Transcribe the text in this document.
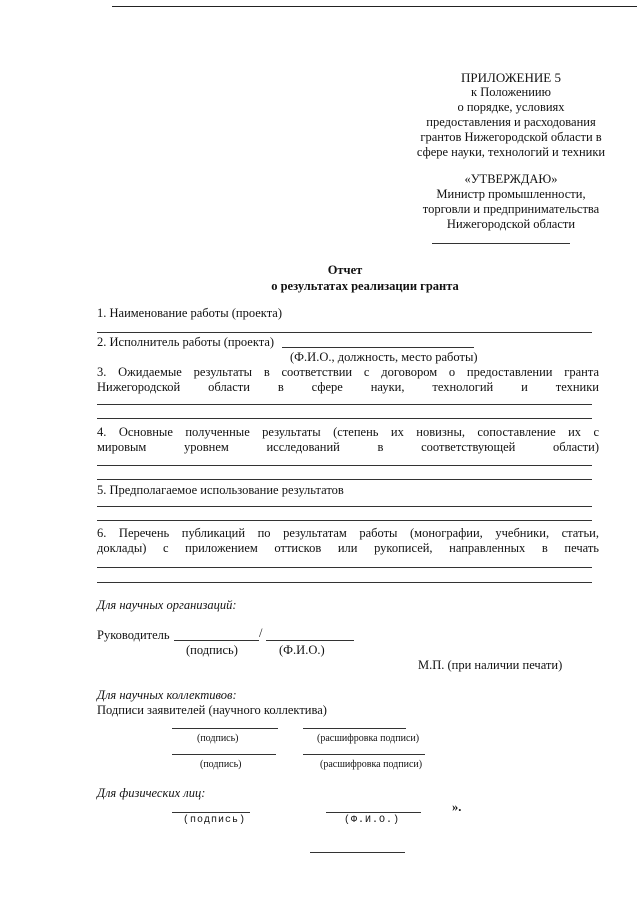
ПРИЛОЖЕНИЕ 5
к Положениию
о порядке, условиях
предоставления и расходования
грантов Нижегородской области в
сфере науки, технологий и техники
«УТВЕРЖДАЮ»
Министр промышленности,
торговли и предпринимательства
Нижегородской области
Отчет
о результатах реализации гранта
1. Наименование работы (проекта)
2. Исполнитель работы (проекта)
(Ф.И.О., должность, место работы)
3. Ожидаемые результаты в соответствии с договором о предоставлении гранта
Нижегородской области в сфере науки, технологий и техники
4. Основные полученные результаты (степень их новизны, сопоставление их с
мировым уровнем исследований в соответствующей области)
5. Предполагаемое использование результатов
6. Перечень публикаций по результатам работы (монографии, учебники, статьи,
доклады) с приложением оттисков или рукописей, направленных в печать
Для научных организаций:
Руководитель	/
(подпись)	(Ф.И.О.)
М.П. (при наличии печати)
Для научных коллективов:
Подписи заявителей (научного коллектива)
(подпись)	(расшифровка подписи)
(подпись)	(расшифровка подписи)
Для физических лиц:
».
(подпись)	(Ф.И.О.)
